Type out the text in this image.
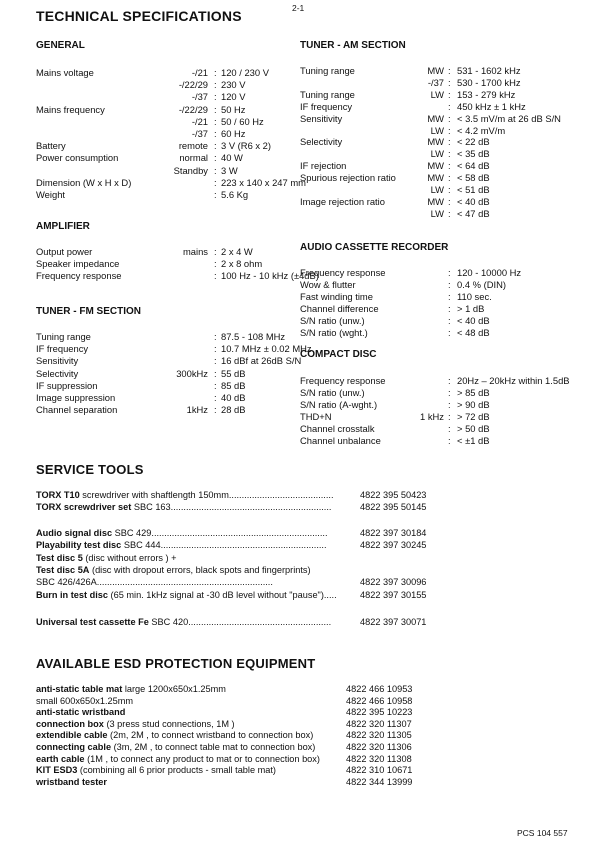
2-1
TECHNICAL SPECIFICATIONS
GENERAL
Mains voltage	-/21 : 120 / 230 V
-/22/29 : 230 V
-/37 : 120 V
Mains frequency	-/22/29 : 50 Hz
-/21 : 50 / 60 Hz
-/37 : 60 Hz
Battery	remote : 3 V (R6 x 2)
Power consumption	normal : 40 W
Standby : 3 W
Dimension (W x H x D)	: 223 x 140 x 247 mm
Weight	: 5.6 Kg
AMPLIFIER
Output power	mains : 2 x 4 W
Speaker impedance	: 2 x 8 ohm
Frequency response	: 100 Hz - 10 kHz (±4dB)
TUNER - FM SECTION
Tuning range	: 87.5 - 108 MHz
IF frequency	: 10.7 MHz ± 0.02 MHz
Sensitivity	: 16 dBf at 26dB S/N
Selectivity	300kHz : 55 dB
IF suppression	: 85 dB
Image suppression	: 40 dB
Channel separation	1kHz : 28 dB
TUNER - AM SECTION
Tuning range	MW : 531 - 1602 kHz
-/37 : 530 - 1700 kHz
Tuning range	LW : 153 - 279 kHz
IF frequency	: 450 kHz ± 1 kHz
Sensitivity	MW : < 3.5 mV/m at 26 dB S/N
LW : < 4.2 mV/m
Selectivity	MW : < 22 dB
LW : < 35 dB
IF rejection	MW : < 64 dB
Spurious rejection ratio	MW : < 58 dB
LW : < 51 dB
Image rejection ratio	MW : < 40 dB
LW : < 47 dB
AUDIO CASSETTE RECORDER
Frequency response	: 120 - 10000 Hz
Wow & flutter	: 0.4 % (DIN)
Fast winding time	: 110 sec.
Channel difference	: > 1 dB
S/N ratio (unw.)	: < 40 dB
S/N ratio (wght.)	: < 48 dB
COMPACT DISC
Frequency response	: 20Hz – 20kHz within 1.5dB
S/N ratio (unw.)	: > 85 dB
S/N ratio (A-wght.)	: > 90 dB
THD+N	1 kHz : > 72 dB
Channel crosstalk	: > 50 dB
Channel unbalance	: < ±1 dB
SERVICE TOOLS
TORX T10 screwdriver with shaftlength 150mm.........................................	4822 395 50423
TORX screwdriver set SBC 163...............................................................	4822 395 50145
Audio signal disc SBC 429.....................................................................	4822 397 30184
Playability test disc SBC 444.................................................................	4822 397 30245
Test disc 5 (disc without errors ) +
Test disc 5A (disc with dropout errors, black spots and fingerprints)
SBC 426/426A.....................................................................	4822 397 30096
Burn in test disc (65 min. 1kHz signal at -30 dB level without "pause").....	4822 397 30155
Universal test cassette Fe SBC 420........................................................	4822 397 30071
AVAILABLE ESD PROTECTION EQUIPMENT
anti-static table mat large 1200x650x1.25mm	4822 466 10953
small 600x650x1.25mm	4822 466 10958
anti-static wristband	4822 395 10223
connection box (3 press stud connections, 1M )	4822 320 11307
extendible cable (2m, 2M , to connect wristband to connection box)	4822 320 11305
connecting cable (3m, 2M , to connect table mat to connection box)	4822 320 11306
earth cable (1M , to connect any product to mat or to connection box)	4822 320 11308
KIT ESD3 (combining all 6 prior products - small table mat)	4822 310 10671
wristband tester	4822 344 13999
PCS 104 557
